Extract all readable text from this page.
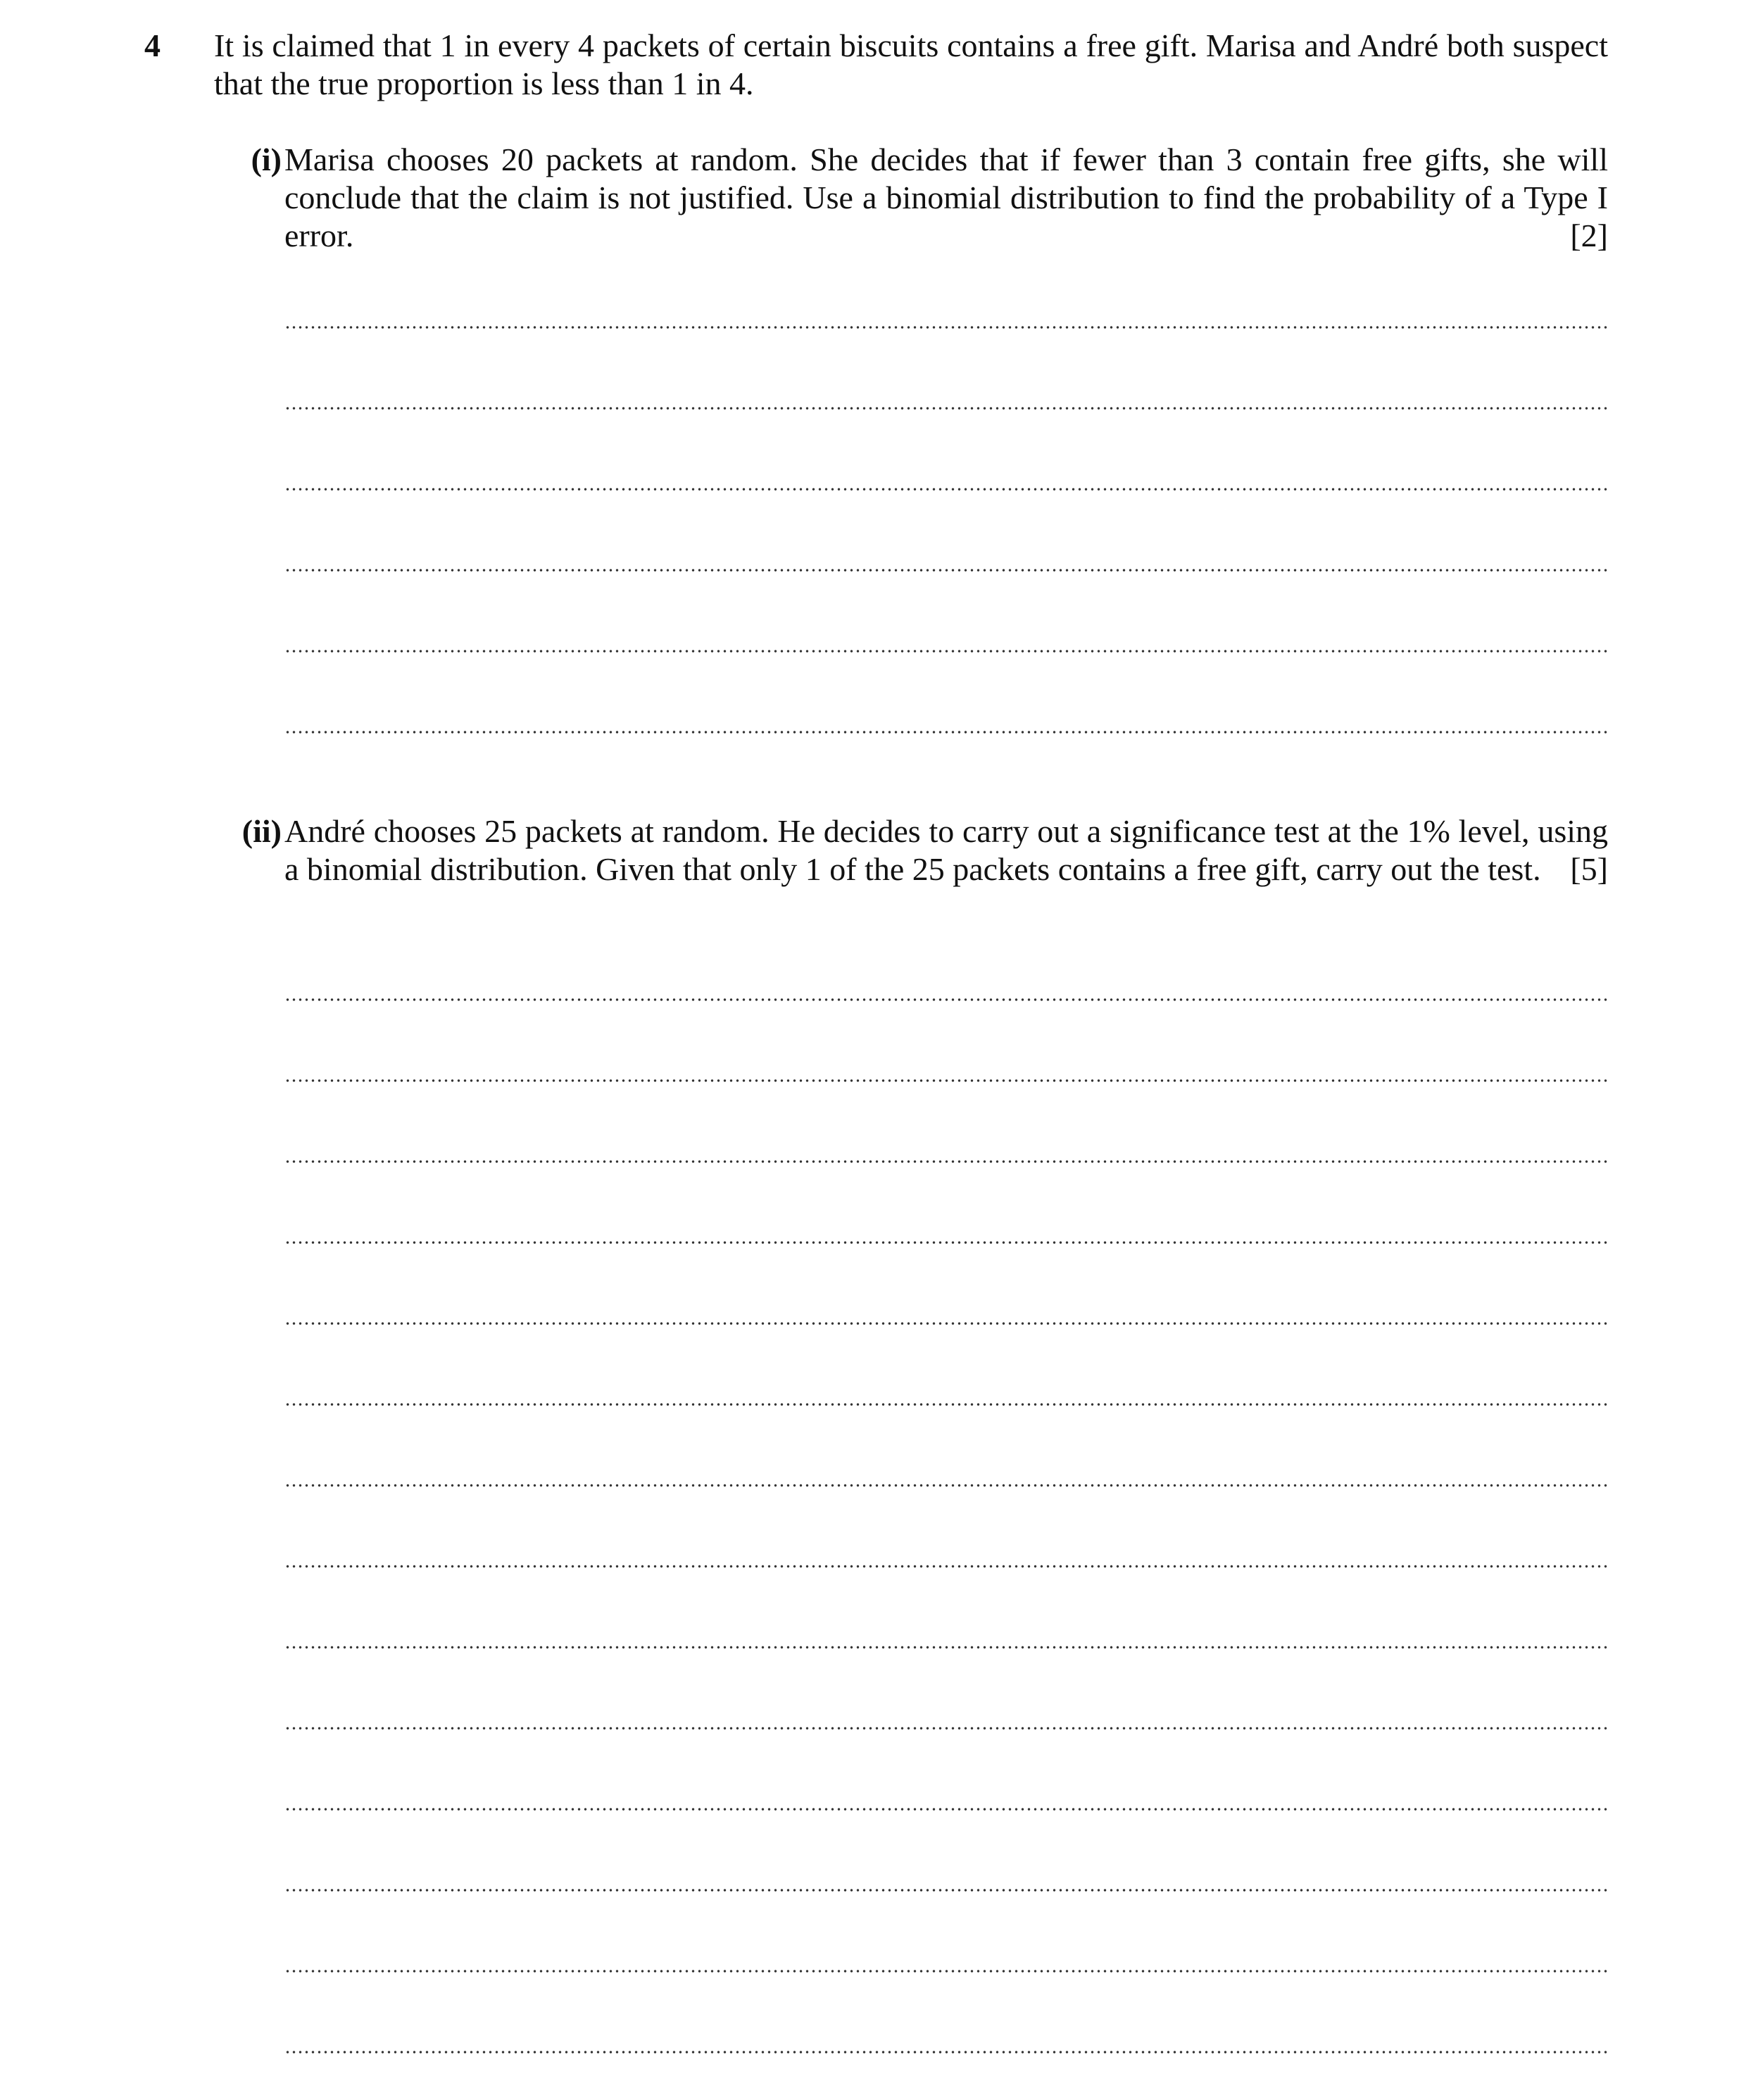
4 It is claimed that 1 in every 4 packets of certain biscuits contains a free gift. Marisa and André both suspect that the true proportion is less than 1 in 4.
(i) Marisa chooses 20 packets at random. She decides that if fewer than 3 contain free gifts, she will conclude that the claim is not justified. Use a binomial distribution to find the probability of a Type I error.	[2]
(ii) André chooses 25 packets at random. He decides to carry out a significance test at the 1% level, using a binomial distribution. Given that only 1 of the 25 packets contains a free gift, carry out the test. [5]
